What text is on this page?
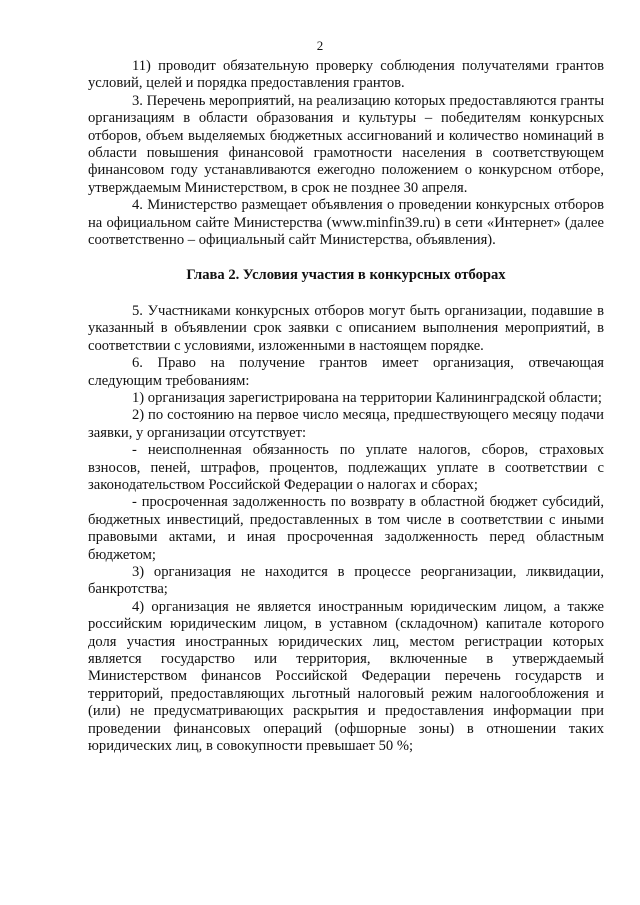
2

11) проводит обязательную проверку соблюдения получателями грантов условий, целей и порядка предоставления грантов.

3. Перечень мероприятий, на реализацию которых предоставляются гранты организациям в области образования и культуры – победителям конкурсных отборов, объем выделяемых бюджетных ассигнований и количество номинаций в области повышения финансовой грамотности населения в соответствующем финансовом году устанавливаются ежегодно положением о конкурсном отборе, утверждаемым Министерством, в срок не позднее 30 апреля.

4. Министерство размещает объявления о проведении конкурсных отборов на официальном сайте Министерства (www.minfin39.ru) в сети «Интернет» (далее соответственно – официальный сайт Министерства, объявления).

Глава 2. Условия участия в конкурсных отборах

5. Участниками конкурсных отборов могут быть организации, подавшие в указанный в объявлении срок заявки с описанием выполнения мероприятий, в соответствии с условиями, изложенными в настоящем порядке.

6. Право на получение грантов имеет организация, отвечающая следующим требованиям:

1) организация зарегистрирована на территории Калининградской области;

2) по состоянию на первое число месяца, предшествующего месяцу подачи заявки, у организации отсутствует:

- неисполненная обязанность по уплате налогов, сборов, страховых взносов, пеней, штрафов, процентов, подлежащих уплате в соответствии с законодательством Российской Федерации о налогах и сборах;

- просроченная задолженность по возврату в областной бюджет субсидий, бюджетных инвестиций, предоставленных в том числе в соответствии с иными правовыми актами, и иная просроченная задолженность перед областным бюджетом;

3) организация не находится в процессе реорганизации, ликвидации, банкротства;

4) организация не является иностранным юридическим лицом, а также российским юридическим лицом, в уставном (складочном) капитале которого доля участия иностранных юридических лиц, местом регистрации которых является государство или территория, включенные в утверждаемый Министерством финансов Российской Федерации перечень государств и территорий, предоставляющих льготный налоговый режим налогообложения и (или) не предусматривающих раскрытия и предоставления информации при проведении финансовых операций (офшорные зоны) в отношении таких юридических лиц, в совокупности превышает 50 %;
